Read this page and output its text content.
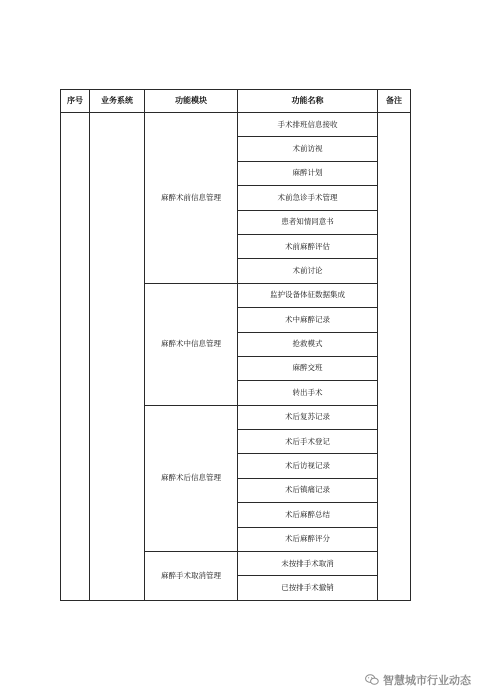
序号	业务系统	功能模块	功能名称	备注
		麻醉术前信息管理	手术排班信息接收	
			术前访视	
			麻醉计划	
			术前急诊手术管理	
			患者知情同意书	
			术前麻醉评估	
			术前讨论	
		麻醉术中信息管理	监护设备体征数据集成	
			术中麻醉记录	
			抢救模式	
			麻醉交班	
			转出手术	
		麻醉术后信息管理	术后复苏记录	
			术后手术登记	
			术后访视记录	
			术后镇痛记录	
			术后麻醉总结	
			术后麻醉评分	
		麻醉手术取消管理	未按排手术取消	
			已按排手术撤销	
智慧城市行业动态
